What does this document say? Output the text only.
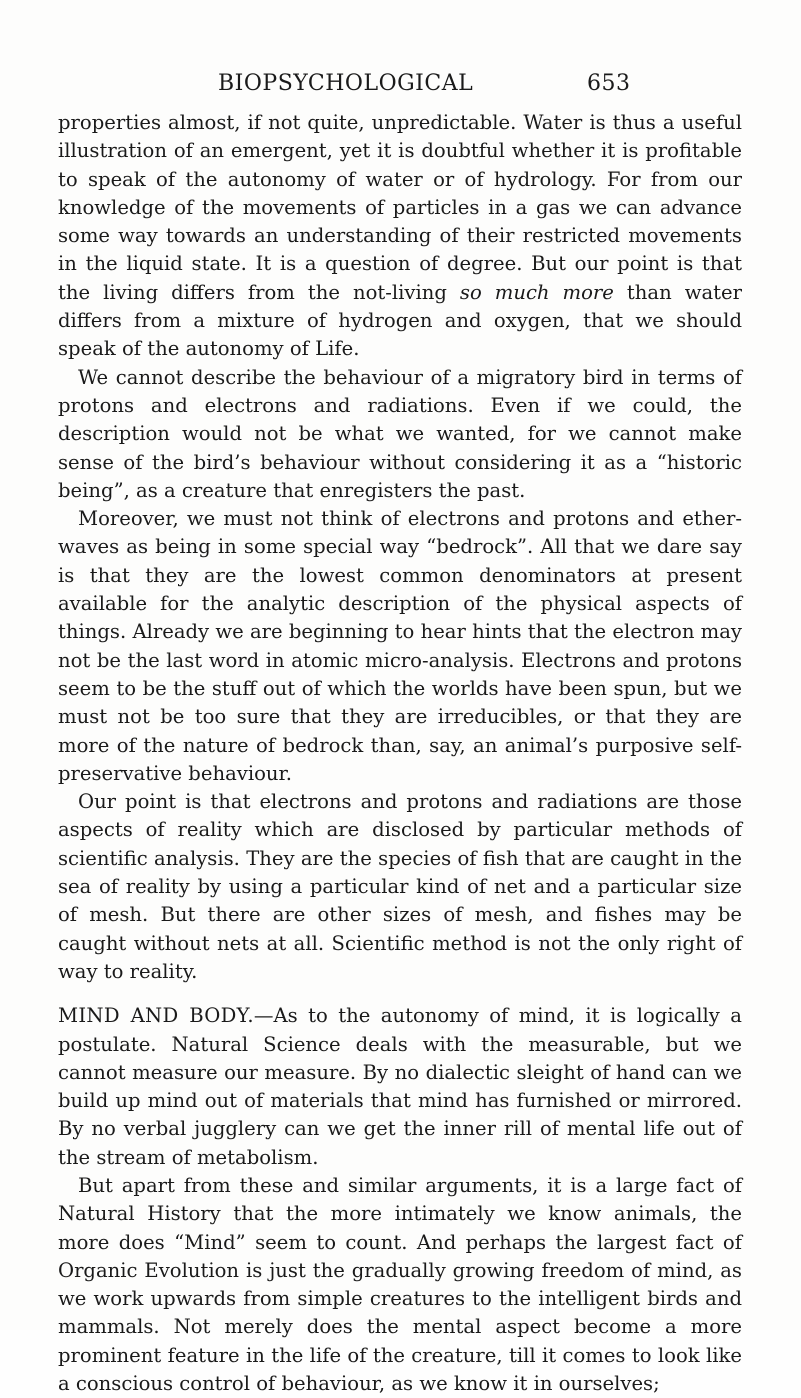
BIOPSYCHOLOGICAL	653

properties almost, if not quite, unpredictable. Water is thus a useful illustration of an emergent, yet it is doubtful whether it is profitable to speak of the autonomy of water or of hydrology. For from our knowledge of the movements of particles in a gas we can advance some way towards an understanding of their restricted movements in the liquid state. It is a question of degree. But our point is that the living differs from the not-living so much more than water differs from a mixture of hydrogen and oxygen, that we should speak of the autonomy of Life.

We cannot describe the behaviour of a migratory bird in terms of protons and electrons and radiations. Even if we could, the description would not be what we wanted, for we cannot make sense of the bird’s behaviour without considering it as a “historic being”, as a creature that enregisters the past.

Moreover, we must not think of electrons and protons and ether-waves as being in some special way “bedrock”. All that we dare say is that they are the lowest common denominators at present available for the analytic description of the physical aspects of things. Already we are beginning to hear hints that the electron may not be the last word in atomic micro-analysis. Electrons and protons seem to be the stuff out of which the worlds have been spun, but we must not be too sure that they are irreducibles, or that they are more of the nature of bedrock than, say, an animal’s purposive self-preservative behaviour.

Our point is that electrons and protons and radiations are those aspects of reality which are disclosed by particular methods of scientific analysis. They are the species of fish that are caught in the sea of reality by using a particular kind of net and a particular size of mesh. But there are other sizes of mesh, and fishes may be caught without nets at all. Scientific method is not the only right of way to reality.

MIND AND BODY.—As to the autonomy of mind, it is logically a postulate. Natural Science deals with the measurable, but we cannot measure our measure. By no dialectic sleight of hand can we build up mind out of materials that mind has furnished or mirrored. By no verbal jugglery can we get the inner rill of mental life out of the stream of metabolism.

But apart from these and similar arguments, it is a large fact of Natural History that the more intimately we know animals, the more does “Mind” seem to count. And perhaps the largest fact of Organic Evolution is just the gradually growing freedom of mind, as we work upwards from simple creatures to the intelligent birds and mammals. Not merely does the mental aspect become a more prominent feature in the life of the creature, till it comes to look like a conscious control of behaviour, as we know it in ourselves;
